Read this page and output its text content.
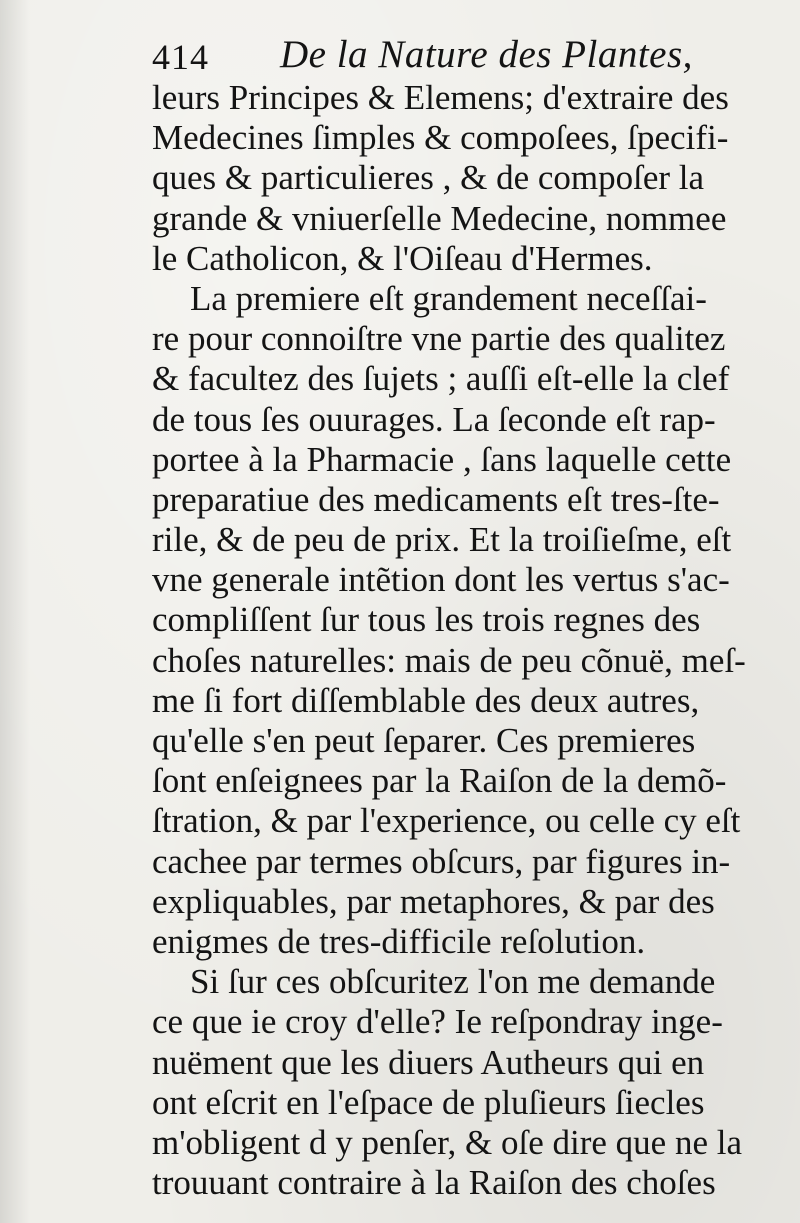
414 De la Nature des Plantes,
leurs Principes & Elemens; d'extraire des
Medecines ſimples & compoſees, ſpecifi-
ques & particulieres , & de compoſer la
grande & vniuerſelle Medecine, nommee
le Catholicon, & l'Oiſeau d'Hermes.
La premiere eſt grandement neceſſai-
re pour connoiſtre vne partie des qualitez
& facultez des ſujets ; auſſi eſt-elle la clef
de tous ſes ouurages. La ſeconde eſt rap-
portee à la Pharmacie , ſans laquelle cette
preparatiue des medicaments eſt tres-ſte-
rile, & de peu de prix. Et la troiſieſme, eſt
vne generale intẽtion dont les vertus s'ac-
compliſſent ſur tous les trois regnes des
choſes naturelles: mais de peu cõnuë, meſ-
me ſi fort diſſemblable des deux autres,
qu'elle s'en peut ſeparer. Ces premieres
ſont enſeignees par la Raiſon de la demõ-
ſtration, & par l'experience, ou celle cy eſt
cachee par termes obſcurs, par figures in-
expliquables, par metaphores, & par des
enigmes de tres-difficile reſolution.
Si ſur ces obſcuritez l'on me demande
ce que ie croy d'elle? Ie reſpondray inge-
nuëment que les diuers Autheurs qui en
ont eſcrit en l'eſpace de pluſieurs ſiecles
m'obligent d y penſer, & oſe dire que ne la
trouuant contraire à la Raiſon des choſes
